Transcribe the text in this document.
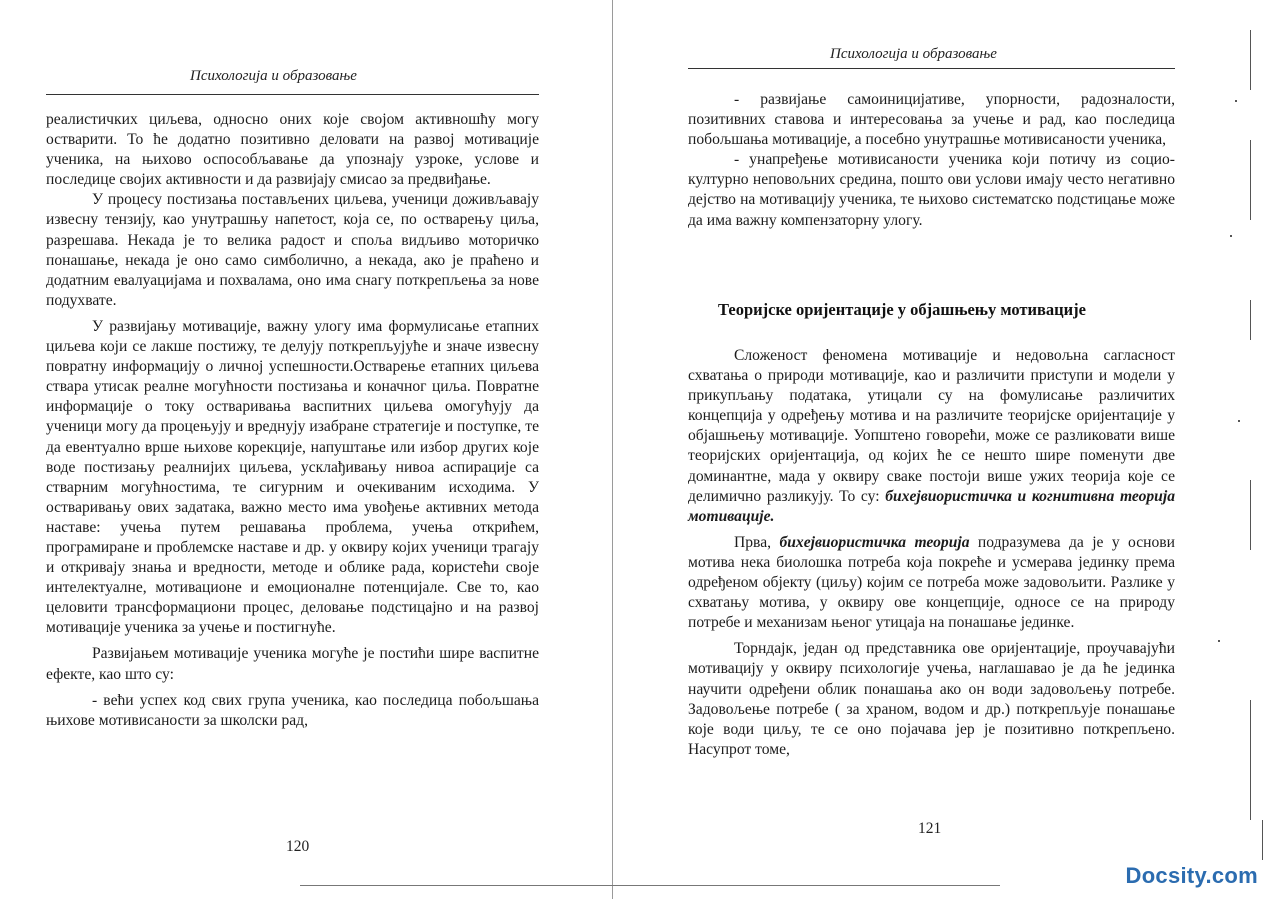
Психологија и образовање

реалистичких циљева, односно оних које својом активношћу могу остварити. То ће додатно позитивно деловати на развој мотивације ученика, на њихово оспособљавање да упознају узроке, услове и последице својих активности и да развијају смисао за предвиђање.

У процесу постизања постављених циљева, ученици доживљавају извесну тензију, као унутрашњу напетост, која се, по остварењу циља, разрешава. Некада је то велика радост и споља видљиво моторичко понашање, некада је оно само симболично, а некада, ако је праћено и додатним евалуацијама и похвалама, оно има снагу поткрепљења за нове подухвате.

У развијању мотивације, важну улогу има формулисање етапних циљева који се лакше постижу, те делују поткрепљујуће и значе извесну повратну информацију о личној успешности.Остварење етапних циљева ствара утисак реалне могућности постизања и коначног циља. Повратне информације о току остваривања васпитних циљева омогућују да ученици могу да процењују и вреднују изабране стратегије и поступке, те да евентуално врше њихове корекције, напуштање или избор других које воде постизању реалнијих циљева, усклађивању нивоа аспирације са стварним могућностима, те сигурним и очекиваним исходима. У остваривању ових задатака, важно место има увођење активних метода наставе: учења путем решавања проблема, учења открићем, програмиране и проблемске наставе и др. у оквиру којих ученици трагају и откривају знања и вредности, методе и облике рада, користећи своје интелектуалне, мотивационе и емоционалне потенцијале. Све то, као целовити трансформациони процес, деловање подстицајно и на развој мотивације ученика за учење и постигнуће.

Развијањем мотивације ученика могуће је постићи шире васпитне ефекте, као што су:

- већи успех код свих група ученика, као последица побољшања њихове мотивисаности за школски рад,

120
Психологија и образовање

- развијање самоиницијативе, упорности, радозналости, позитивних ставова и интересовања за учење и рад, као последица побољшања мотивације, а посебно унутрашње мотивисаности ученика,

- унапређење мотивисаности ученика који потичу из социо-културно неповољних средина, пошто ови услови имају често негативно дејство на мотивацију ученика, те њихово систематско подстицање може да има важну компензаторну улогу.

Теоријске оријентације у објашњењу мотивације

Сложеност феномена мотивације и недовољна сагласност схватања о природи мотивације, као и различити приступи и модели у прикупљању података, утицали су на фомулисање различитих концепција у одређењу мотива и на различите теоријске оријентације у објашњењу мотивације. Уопштено говорећи, може се разликовати више теоријских оријентација, од којих ће се нешто шире поменути две доминантне, мада у оквиру сваке постоји више ужих теорија које се делимично разликују. То су: бихејвиористичка и когнитивна теорија мотивације.

Прва, бихејвиористичка теорија подразумева да је у основи мотива нека биолошка потреба која покреће и усмерава јединку према одређеном објекту (циљу) којим се потреба може задовољити. Разлике у схватању мотива, у оквиру ове концепције, односе се на природу потребе и механизам њеног утицаја на понашање јединке.

Торндајк, један од представника ове оријентације, проучавајући мотивацију у оквиру психологије учења, наглашавао је да ће јединка научити одређени облик понашања ако он води задовољењу потребе. Задовољење потребе ( за храном, водом и др.) поткрепљује понашање које води циљу, те се оно појачава јер је позитивно поткрепљено. Насупрот томе,

121
Docsity.com
